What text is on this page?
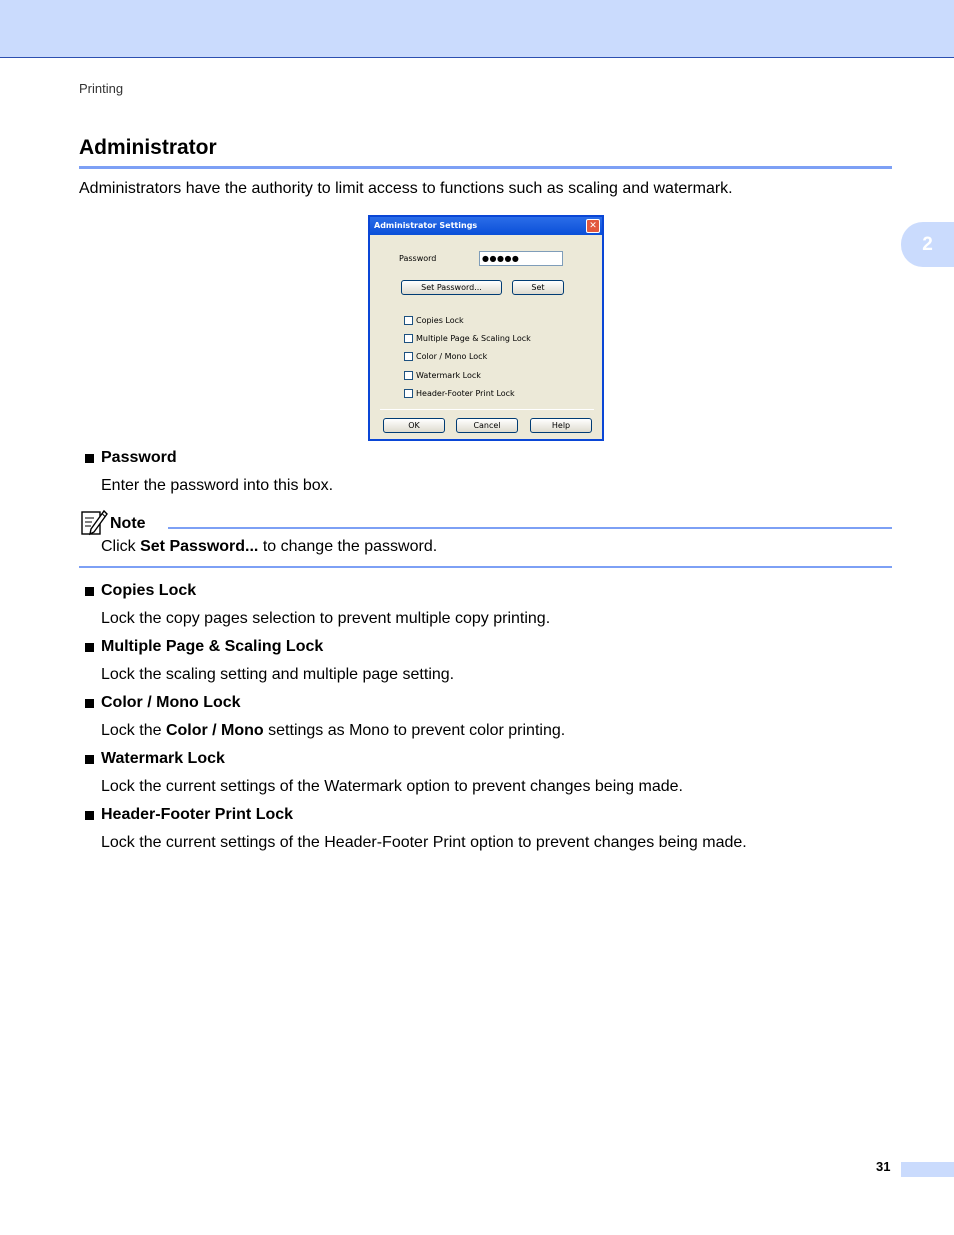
Printing
2
Administrator
Administrators have the authority to limit access to functions such as scaling and watermark.
Administrator Settings	✕
Password	●●●●●
Set Password...	Set
Copies Lock
Multiple Page & Scaling Lock
Color / Mono Lock
Watermark Lock
Header-Footer Print Lock
OK	Cancel	Help
Password
Enter the password into this box.
Note
Click Set Password... to change the password.
Copies Lock
Lock the copy pages selection to prevent multiple copy printing.
Multiple Page & Scaling Lock
Lock the scaling setting and multiple page setting.
Color / Mono Lock
Lock the Color / Mono settings as Mono to prevent color printing.
Watermark Lock
Lock the current settings of the Watermark option to prevent changes being made.
Header-Footer Print Lock
Lock the current settings of the Header-Footer Print option to prevent changes being made.
31
